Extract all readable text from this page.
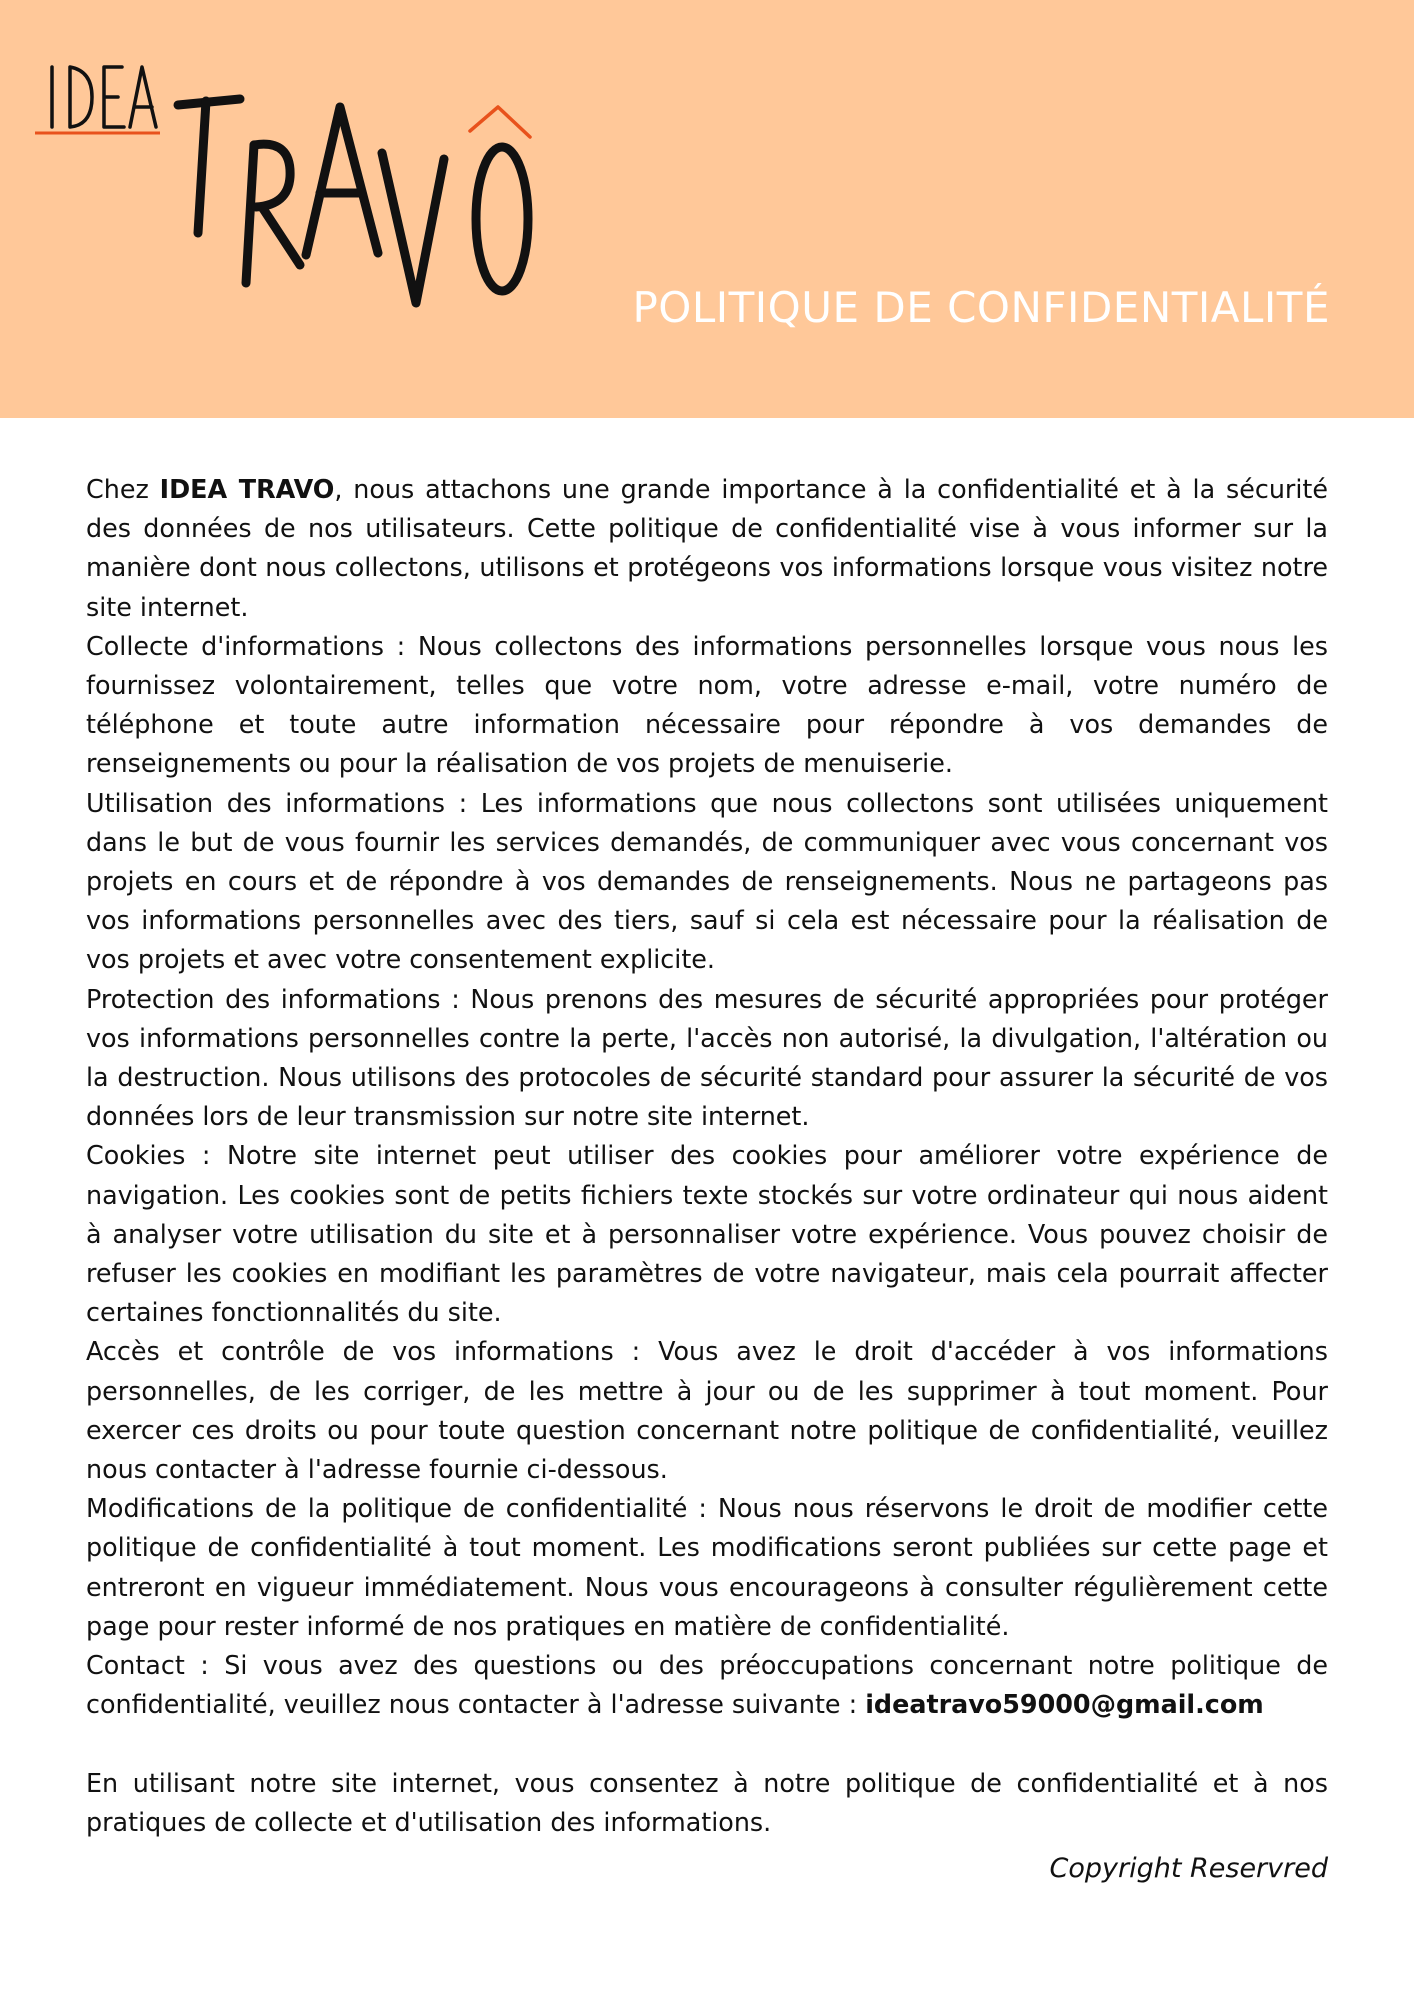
POLITIQUE DE CONFIDENTIALITÉ

Chez IDEA TRAVO, nous attachons une grande importance à la confidentialité et à la sécurité des données de nos utilisateurs. Cette politique de confidentialité vise à vous informer sur la manière dont nous collectons, utilisons et protégeons vos informations lorsque vous visitez notre site internet.

Collecte d'informations : Nous collectons des informations personnelles lorsque vous nous les fournissez volontairement, telles que votre nom, votre adresse e-mail, votre numéro de téléphone et toute autre information nécessaire pour répondre à vos demandes de renseignements ou pour la réalisation de vos projets de menuiserie.

Utilisation des informations : Les informations que nous collectons sont utilisées uniquement dans le but de vous fournir les services demandés, de communiquer avec vous concernant vos projets en cours et de répondre à vos demandes de renseignements. Nous ne partageons pas vos informations personnelles avec des tiers, sauf si cela est nécessaire pour la réalisation de vos projets et avec votre consentement explicite.

Protection des informations : Nous prenons des mesures de sécurité appropriées pour protéger vos informations personnelles contre la perte, l'accès non autorisé, la divulgation, l'altération ou la destruction. Nous utilisons des protocoles de sécurité standard pour assurer la sécurité de vos données lors de leur transmission sur notre site internet.

Cookies : Notre site internet peut utiliser des cookies pour améliorer votre expérience de navigation. Les cookies sont de petits fichiers texte stockés sur votre ordinateur qui nous aident à analyser votre utilisation du site et à personnaliser votre expérience. Vous pouvez choisir de refuser les cookies en modifiant les paramètres de votre navigateur, mais cela pourrait affecter certaines fonctionnalités du site.

Accès et contrôle de vos informations : Vous avez le droit d'accéder à vos informations personnelles, de les corriger, de les mettre à jour ou de les supprimer à tout moment. Pour exercer ces droits ou pour toute question concernant notre politique de confidentialité, veuillez nous contacter à l'adresse fournie ci-dessous.

Modifications de la politique de confidentialité : Nous nous réservons le droit de modifier cette politique de confidentialité à tout moment. Les modifications seront publiées sur cette page et entreront en vigueur immédiatement. Nous vous encourageons à consulter régulièrement cette page pour rester informé de nos pratiques en matière de confidentialité.

Contact : Si vous avez des questions ou des préoccupations concernant notre politique de confidentialité, veuillez nous contacter à l'adresse suivante : ideatravo59000@gmail.com

En utilisant notre site internet, vous consentez à notre politique de confidentialité et à nos pratiques de collecte et d'utilisation des informations.

Copyright Reservred
